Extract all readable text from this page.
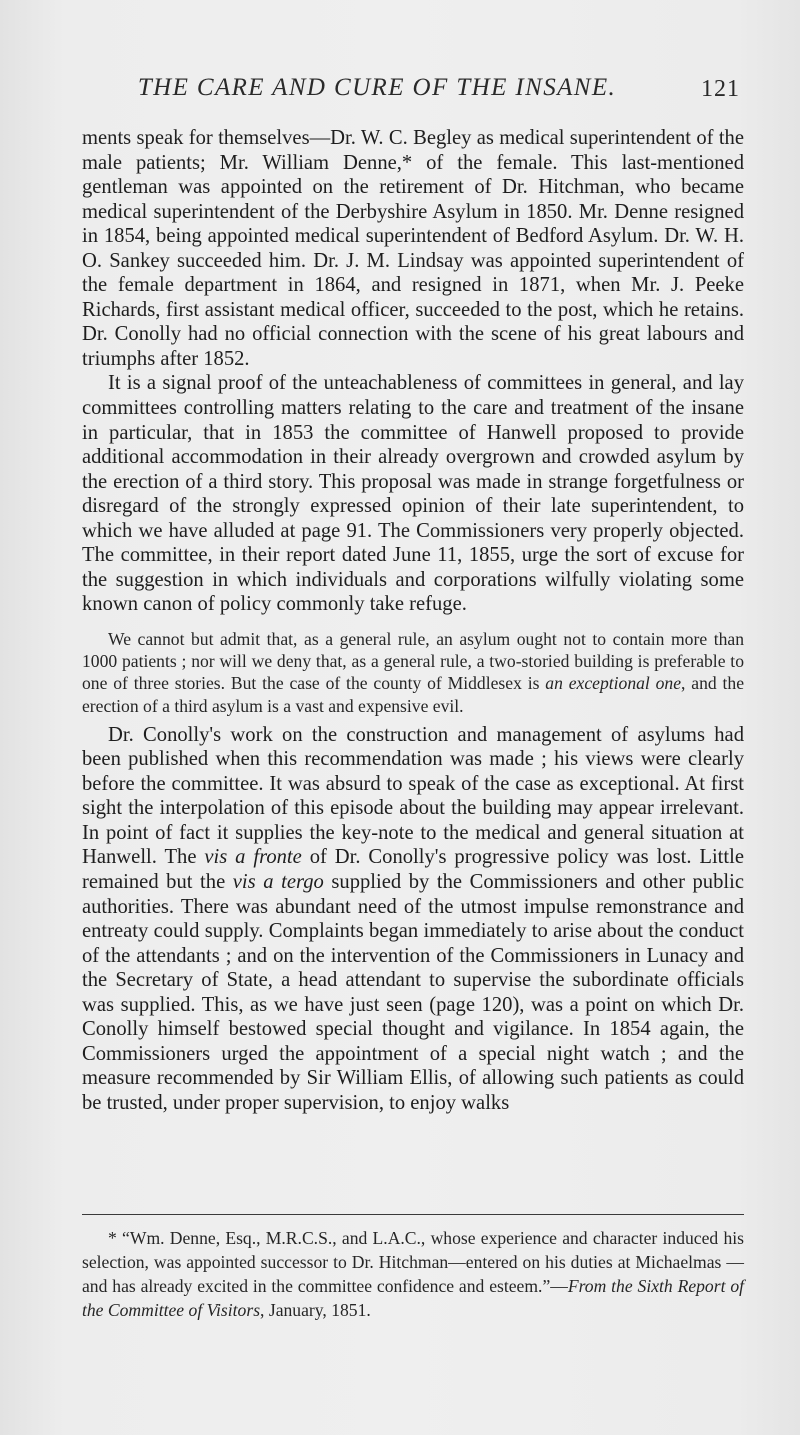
THE CARE AND CURE OF THE INSANE.	121

ments speak for themselves—Dr. W. C. Begley as medical superintendent of the male patients; Mr. William Denne,* of the female. This last-mentioned gentleman was appointed on the retirement of Dr. Hitchman, who became medical superintendent of the Derbyshire Asylum in 1850. Mr. Denne resigned in 1854, being appointed medical superintendent of Bedford Asylum. Dr. W. H. O. Sankey succeeded him. Dr. J. M. Lindsay was appointed superintendent of the female department in 1864, and resigned in 1871, when Mr. J. Peeke Richards, first assistant medical officer, succeeded to the post, which he retains. Dr. Conolly had no official connection with the scene of his great labours and triumphs after 1852.

It is a signal proof of the unteachableness of committees in general, and lay committees controlling matters relating to the care and treatment of the insane in particular, that in 1853 the committee of Hanwell proposed to provide additional accommodation in their already overgrown and crowded asylum by the erection of a third story. This proposal was made in strange forgetfulness or disregard of the strongly expressed opinion of their late superintendent, to which we have alluded at page 91. The Commissioners very properly objected. The committee, in their report dated June 11, 1855, urge the sort of excuse for the suggestion in which individuals and corporations wilfully violating some known canon of policy commonly take refuge.

We cannot but admit that, as a general rule, an asylum ought not to contain more than 1000 patients ; nor will we deny that, as a general rule, a two-storied building is preferable to one of three stories. But the case of the county of Middlesex is an exceptional one, and the erection of a third asylum is a vast and expensive evil.

Dr. Conolly's work on the construction and management of asylums had been published when this recommendation was made ; his views were clearly before the committee. It was absurd to speak of the case as exceptional. At first sight the interpolation of this episode about the building may appear irrelevant. In point of fact it supplies the key-note to the medical and general situation at Hanwell. The vis a fronte of Dr. Conolly's progressive policy was lost. Little remained but the vis a tergo supplied by the Commissioners and other public authorities. There was abundant need of the utmost impulse remonstrance and entreaty could supply. Complaints began immediately to arise about the conduct of the attendants ; and on the intervention of the Commissioners in Lunacy and the Secretary of State, a head attendant to supervise the subordinate officials was supplied. This, as we have just seen (page 120), was a point on which Dr. Conolly himself bestowed special thought and vigilance. In 1854 again, the Commissioners urged the appointment of a special night watch ; and the measure recommended by Sir William Ellis, of allowing such patients as could be trusted, under proper supervision, to enjoy walks

* “Wm. Denne, Esq., M.R.C.S., and L.A.C., whose experience and character induced his selection, was appointed successor to Dr. Hitchman—entered on his duties at Michaelmas —and has already excited in the committee confidence and esteem.”—From the Sixth Report of the Committee of Visitors, January, 1851.
